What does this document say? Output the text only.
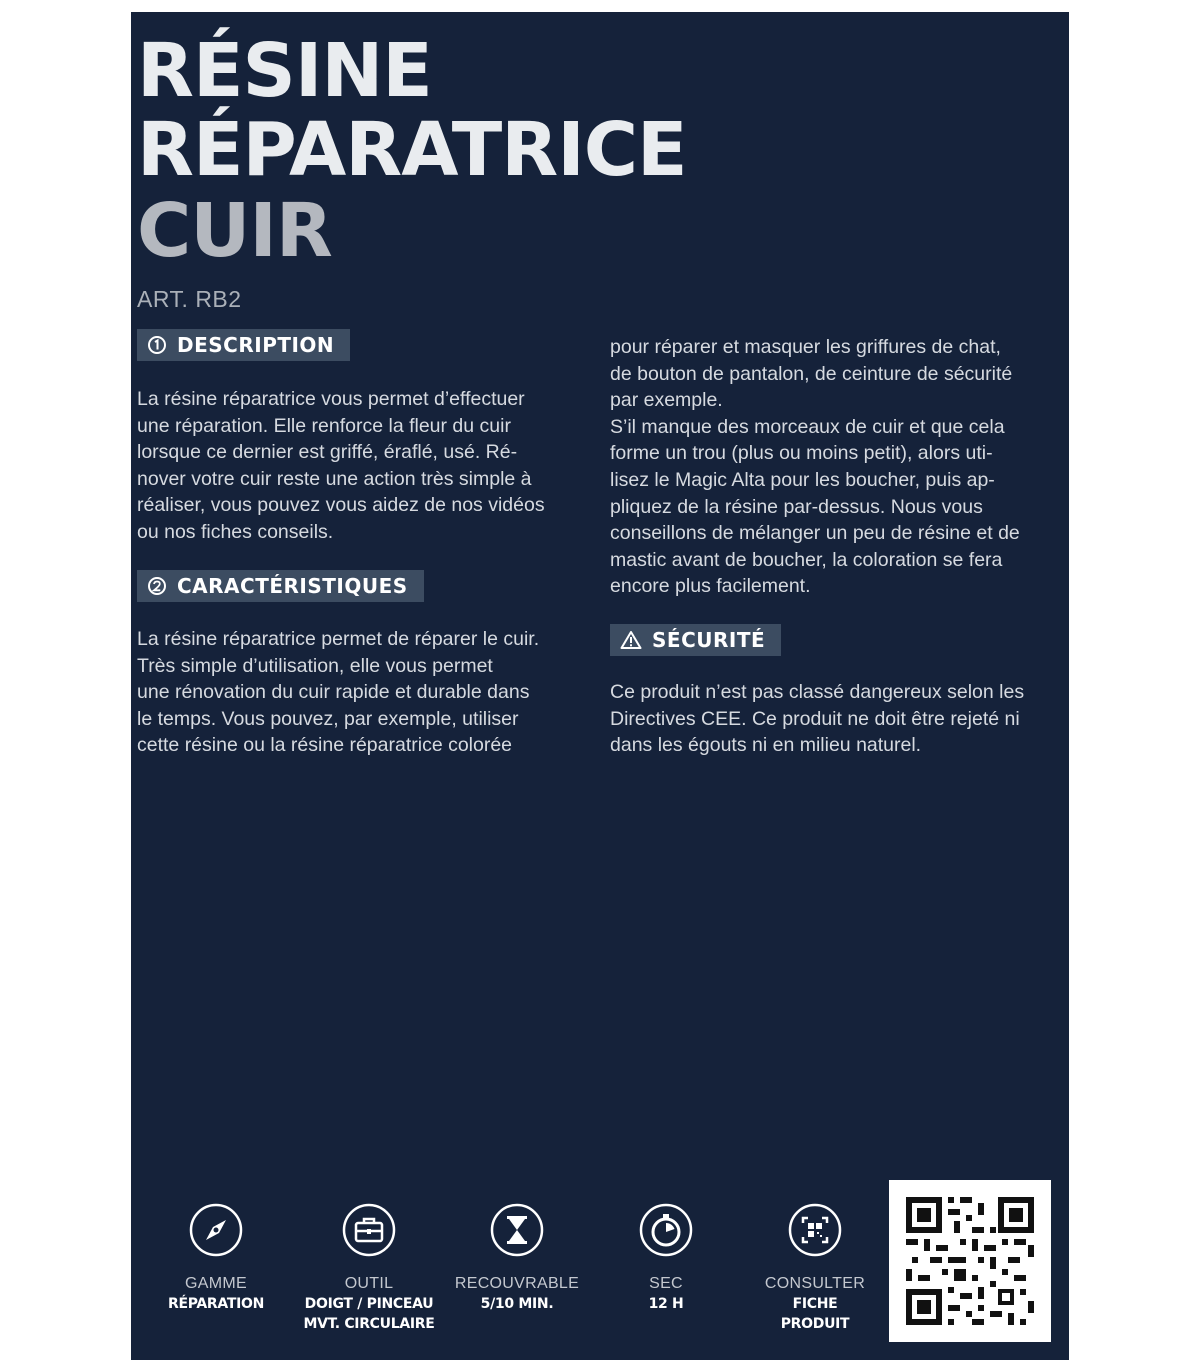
RÉSINE
RÉPARATRICE
CUIR
ART. RB2
DESCRIPTION

La résine réparatrice vous permet d’effectuer
une réparation. Elle renforce la fleur du cuir
lorsque ce dernier est griffé, éraflé, usé. Ré-
nover votre cuir reste une action très simple à
réaliser, vous pouvez vous aidez de nos vidéos
ou nos fiches conseils.

CARACTÉRISTIQUES

La résine réparatrice permet de réparer le cuir.
Très simple d’utilisation, elle vous permet
une rénovation du cuir rapide et durable dans
le temps. Vous pouvez, par exemple, utiliser
cette résine ou la résine réparatrice colorée

pour réparer et masquer les griffures de chat,
de bouton de pantalon, de ceinture de sécurité
par exemple.
S’il manque des morceaux de cuir et que cela
forme un trou (plus ou moins petit), alors uti-
lisez le Magic Alta pour les boucher, puis ap-
pliquez de la résine par-dessus. Nous vous
conseillons de mélanger un peu de résine et de
mastic avant de boucher, la coloration se fera
encore plus facilement.

SÉCURITÉ

Ce produit n’est pas classé dangereux selon les
Directives CEE. Ce produit ne doit être rejeté ni
dans les égouts ni en milieu naturel.

GAMME
RÉPARATION
OUTIL
DOIGT / PINCEAU
MVT. CIRCULAIRE
RECOUVRABLE
5/10 MIN.
SEC
12 H
CONSULTER
FICHE
PRODUIT
